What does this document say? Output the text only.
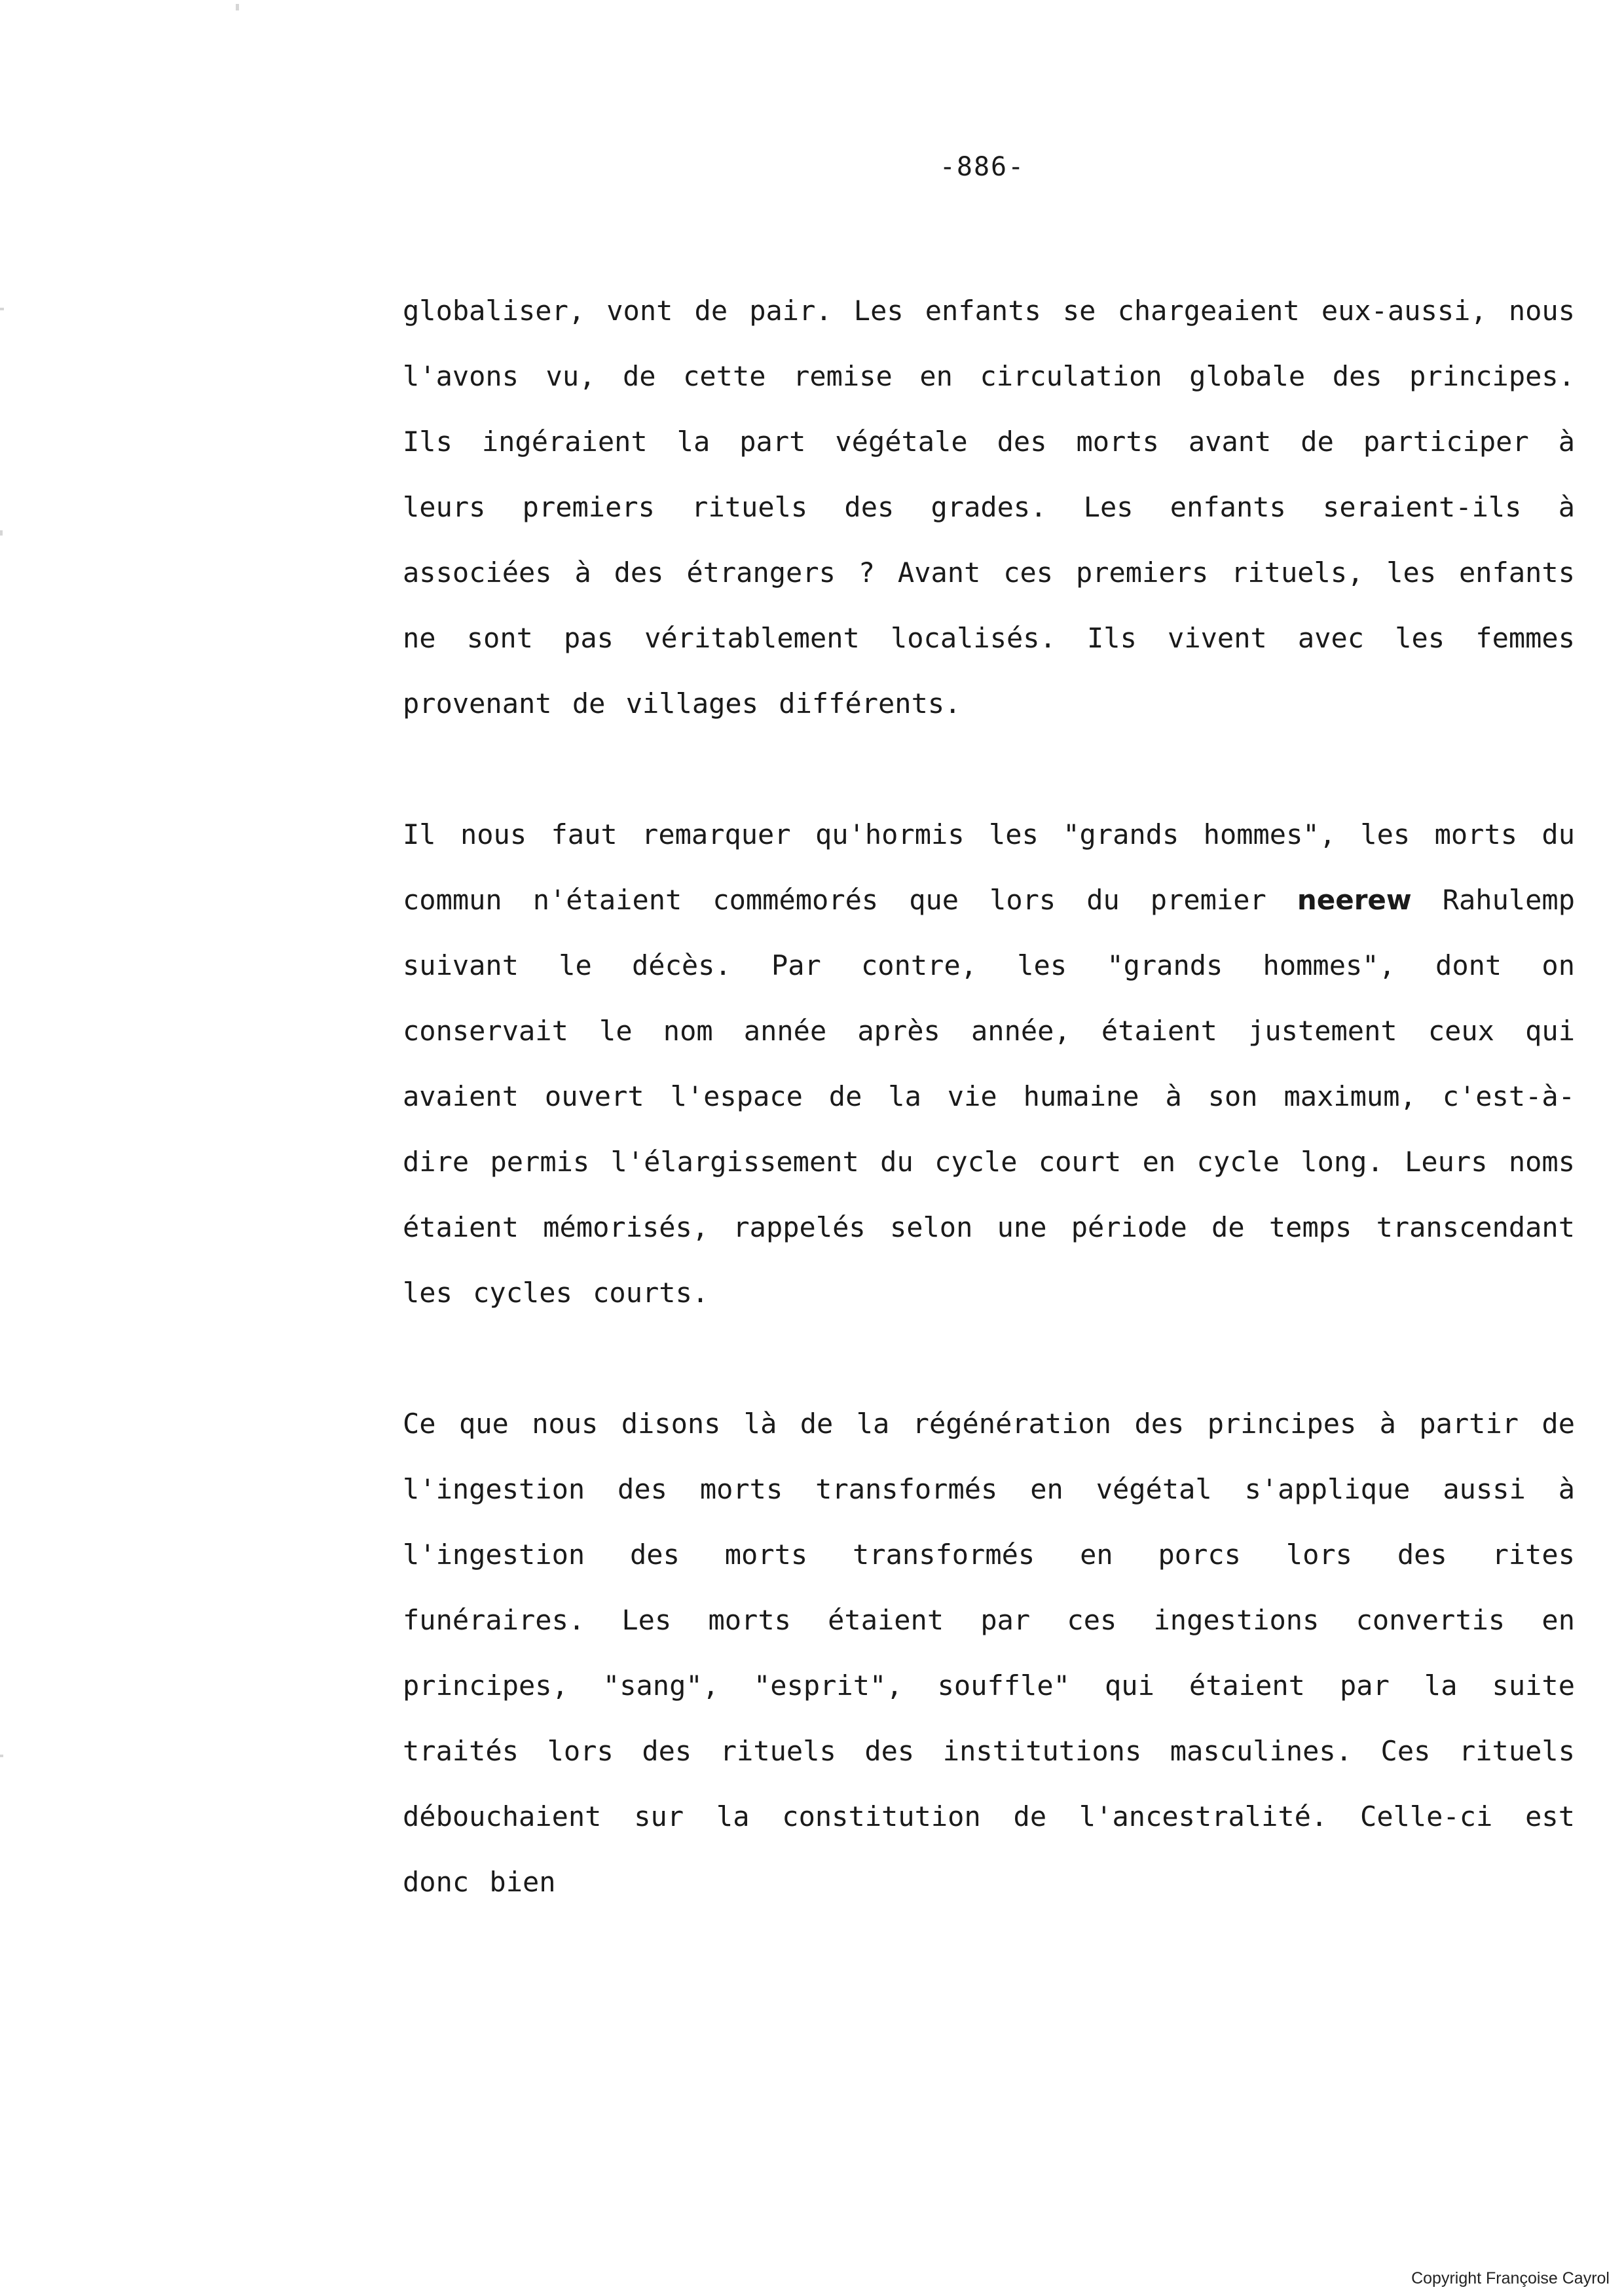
-886-

globaliser, vont de pair. Les enfants se chargeaient eux-aussi, nous l'avons vu, de cette remise en circulation globale des principes. Ils ingéraient la part végétale des morts avant de participer à leurs premiers rituels des grades. Les enfants seraient-ils à associées à des étrangers ? Avant ces premiers rituels, les enfants ne sont pas véritablement localisés. Ils vivent avec les femmes provenant de villages différents.

Il nous faut remarquer qu'hormis les "grands hommes", les morts du commun n'étaient commémorés que lors du premier neerew Rahulemp suivant le décès. Par contre, les "grands hommes", dont on conservait le nom année après année, étaient justement ceux qui avaient ouvert l'espace de la vie humaine à son maximum, c'est-à-dire permis l'élargissement du cycle court en cycle long. Leurs noms étaient mémorisés, rappelés selon une période de temps transcendant les cycles courts.

Ce que nous disons là de la régénération des principes à partir de l'ingestion des morts transformés en végétal s'applique aussi à l'ingestion des morts transformés en porcs lors des rites funéraires. Les morts étaient par ces ingestions convertis en principes, "sang", "esprit", souffle" qui étaient par la suite traités lors des rituels des institutions masculines. Ces rituels débouchaient sur la constitution de l'ancestralité. Celle-ci est donc bien

Copyright Françoise Cayrol
